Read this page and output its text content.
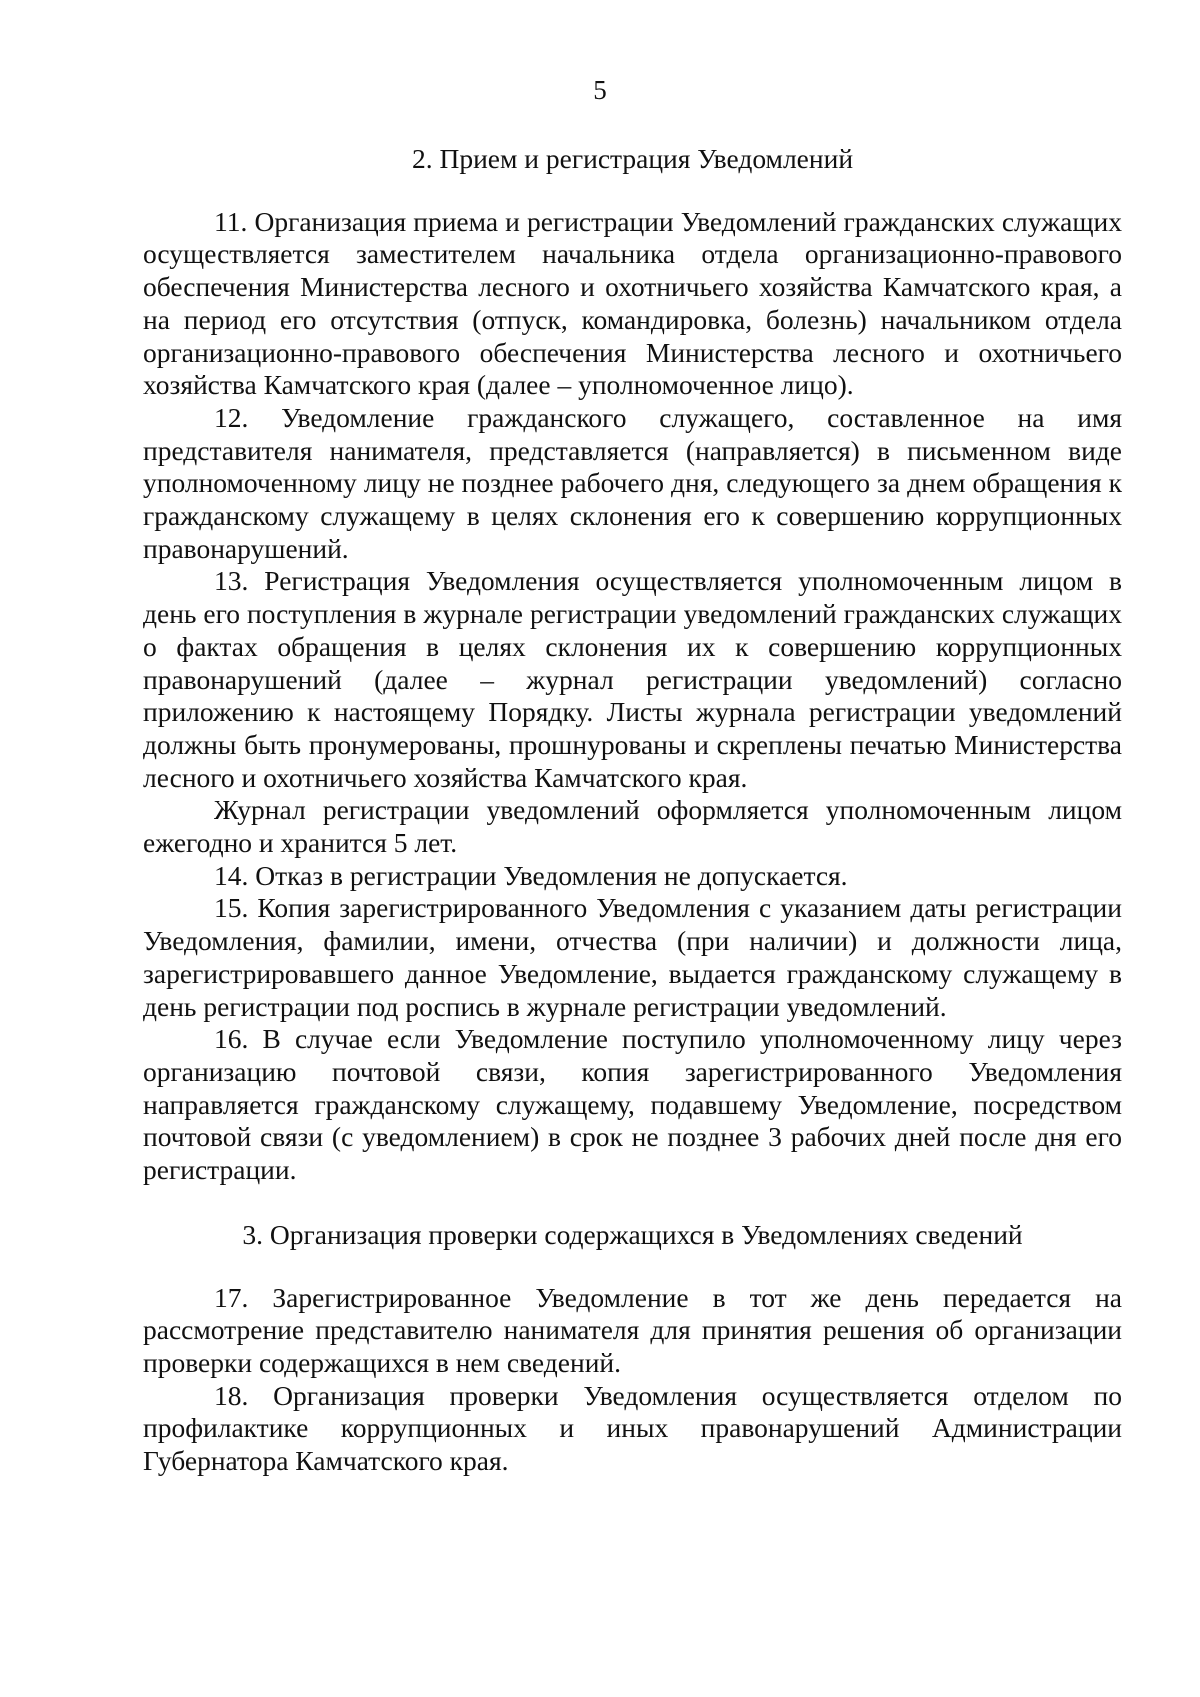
5

2. Прием и регистрация Уведомлений

11. Организация приема и регистрации Уведомлений гражданских служащих осуществляется заместителем начальника отдела организационно-правового обеспечения Министерства лесного и охотничьего хозяйства Камчатского края, а на период его отсутствия (отпуск, командировка, болезнь) начальником отдела организационно-правового обеспечения Министерства лесного и охотничьего хозяйства Камчатского края (далее – уполномоченное лицо).

12. Уведомление гражданского служащего, составленное на имя представителя нанимателя, представляется (направляется) в письменном виде уполномоченному лицу не позднее рабочего дня, следующего за днем обращения к гражданскому служащему в целях склонения его к совершению коррупционных правонарушений.

13. Регистрация Уведомления осуществляется уполномоченным лицом в день его поступления в журнале регистрации уведомлений гражданских служащих о фактах обращения в целях склонения их к совершению коррупционных правонарушений (далее – журнал регистрации уведомлений) согласно приложению к настоящему Порядку. Листы журнала регистрации уведомлений должны быть пронумерованы, прошнурованы и скреплены печатью Министерства лесного и охотничьего хозяйства Камчатского края.

Журнал регистрации уведомлений оформляется уполномоченным лицом ежегодно и хранится 5 лет.

14. Отказ в регистрации Уведомления не допускается.

15. Копия зарегистрированного Уведомления с указанием даты регистрации Уведомления, фамилии, имени, отчества (при наличии) и должности лица, зарегистрировавшего данное Уведомление, выдается гражданскому служащему в день регистрации под роспись в журнале регистрации уведомлений.

16. В случае если Уведомление поступило уполномоченному лицу через организацию почтовой связи, копия зарегистрированного Уведомления направляется гражданскому служащему, подавшему Уведомление, посредством почтовой связи (с уведомлением) в срок не позднее 3 рабочих дней после дня его регистрации.

3. Организация проверки содержащихся в Уведомлениях сведений

17. Зарегистрированное Уведомление в тот же день передается на рассмотрение представителю нанимателя для принятия решения об организации проверки содержащихся в нем сведений.

18. Организация проверки Уведомления осуществляется отделом по профилактике коррупционных и иных правонарушений Администрации Губернатора Камчатского края.
